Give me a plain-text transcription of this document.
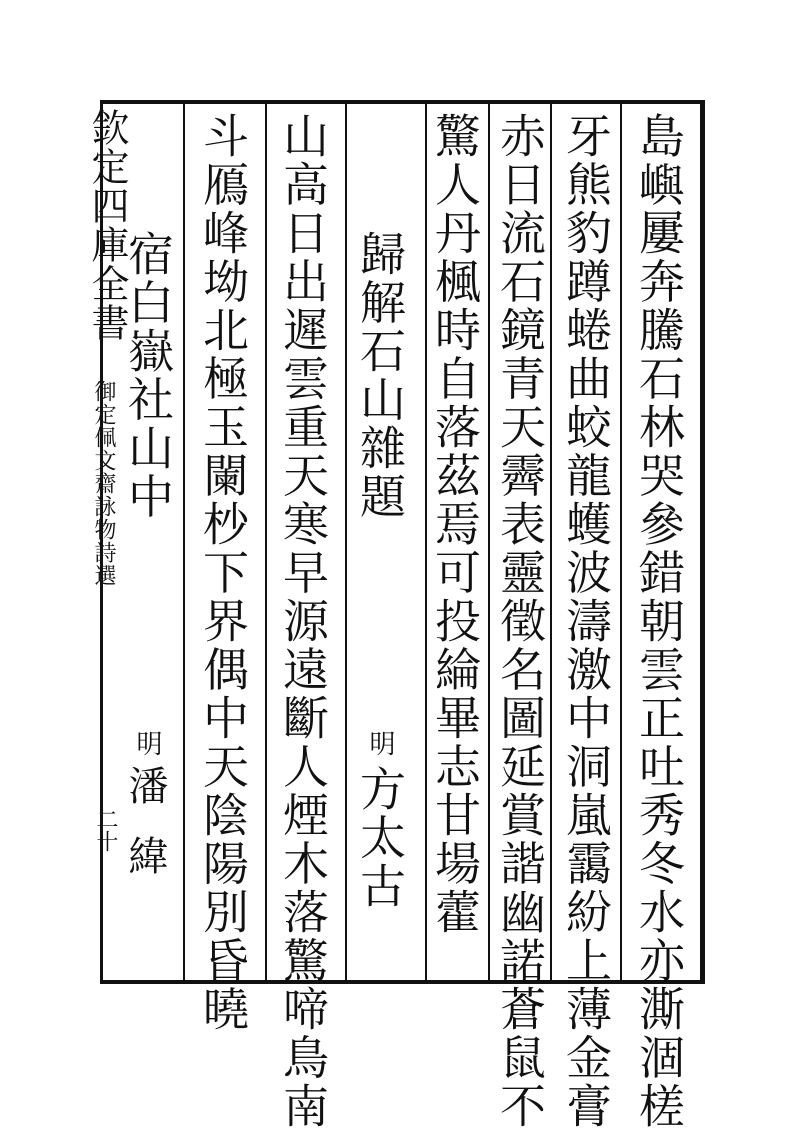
欽定四庫全書
御定佩文齋詠物詩選
二十	島嶼屢奔騰石林哭參錯朝雲正吐秀冬水亦澌涸槎
牙熊豹蹲蜷曲蛟龍蠖波濤激中洞嵐靄紛上薄金膏
赤日流石鏡青天霽表靈徵名圖延賞諧幽諾蒼鼠不
驚人丹楓時自落茲焉可投綸畢志甘場藿
歸解石山雜題
明
方太古
山高日出遲雲重天寒早源遠斷人煙木落驚啼鳥南
斗鴈峰坳北極玉闌杪下界偶中天陰陽別昏曉
宿白嶽社山中
明
潘緯
